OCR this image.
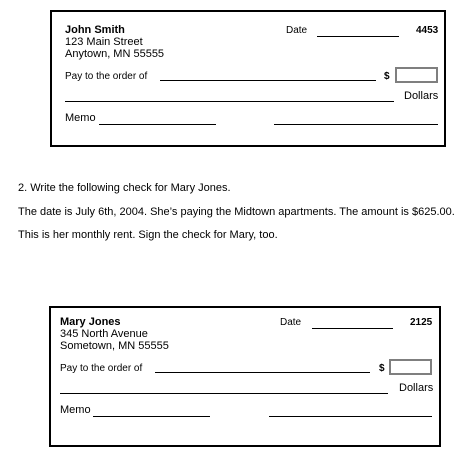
John Smith
123 Main Street
Anytown, MN 55555
Date	4453
Pay to the order of	$
Dollars
Memo
2. Write the following check for Mary Jones.
The date is July 6th, 2004. She’s paying the Midtown apartments. The amount is $625.00.
This is her monthly rent. Sign the check for Mary, too.
Mary Jones
345 North Avenue
Sometown, MN 55555
Date	2125
Pay to the order of	$
Dollars
Memo
